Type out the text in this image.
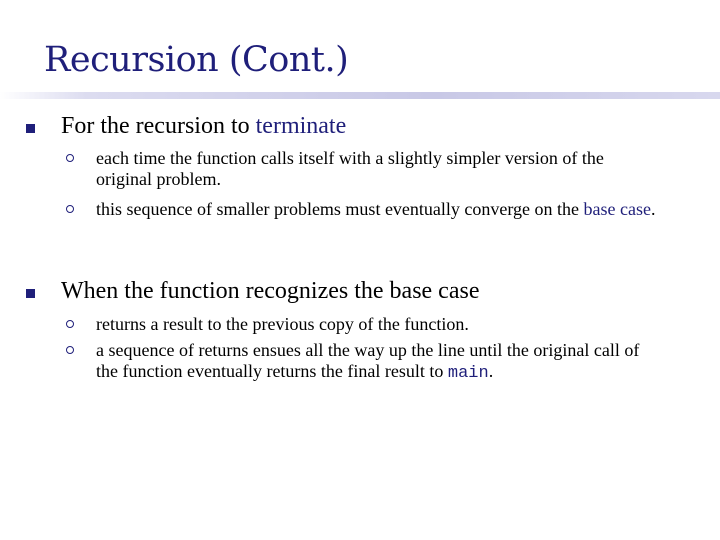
Recursion (Cont.)
For the recursion to terminate
each time the function calls itself with a slightly simpler version of the original problem.
this sequence of smaller problems must eventually converge on the base case.
When the function recognizes the base case
returns a result to the previous copy of the function.
a sequence of returns ensues all the way up the line until the original call of the function eventually returns the final result to main.
